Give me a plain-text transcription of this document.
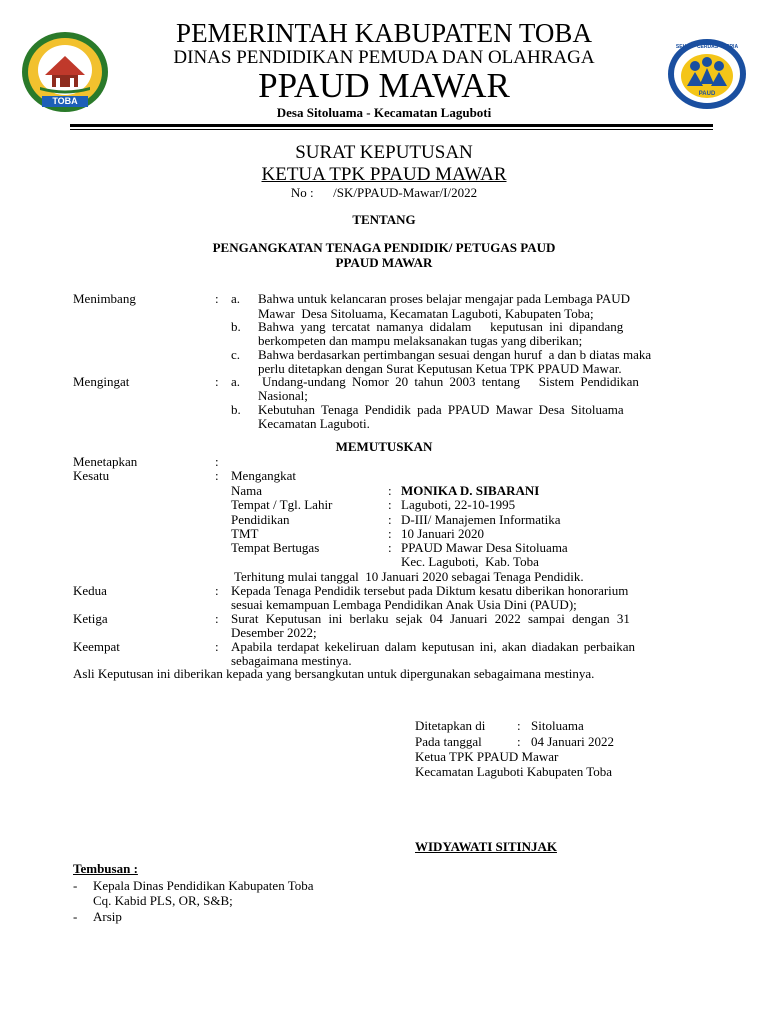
TOBA
SEHAT · CERDAS · CERIA
PAUD
PEMERINTAH KABUPATEN TOBA
DINAS PENDIDIKAN PEMUDA DAN OLAHRAGA
PPAUD MAWAR
Desa Sitoluama - Kecamatan Laguboti
SURAT KEPUTUSAN
KETUA TPK PPAUD MAWAR
No :      /SK/PPAUD-Mawar/I/2022
TENTANG
PENGANGKATAN TENAGA PENDIDIK/ PETUGAS PAUD
PPAUD MAWAR
Menimbang	: a. Bahwa untuk kelancaran proses belajar mengajar pada Lembaga PAUD
Mawar  Desa Sitoluama, Kecamatan Laguboti, Kabupaten Toba;
b. Bahwa yang tercatat namanya didalam   keputusan ini dipandang
berkompeten dan mampu melaksanakan tugas yang diberikan;
c. Bahwa berdasarkan pertimbangan sesuai dengan huruf  a dan b diatas maka
perlu ditetapkan dengan Surat Keputusan Ketua TPK PPAUD Mawar.
Mengingat	: a. Undang-undang Nomor 20 tahun 2003 tentang   Sistem Pendidikan
Nasional;
b. Kebutuhan Tenaga Pendidik pada PPAUD Mawar Desa Sitoluama
Kecamatan Laguboti.
MEMUTUSKAN
Menetapkan	:
Kesatu	: Mengangkat
Nama	: MONIKA D. SIBARANI
Tempat / Tgl. Lahir	: Laguboti, 22-10-1995
Pendidikan	: D-III/ Manajemen Informatika
TMT	: 10 Januari 2020
Tempat Bertugas	: PPAUD Mawar Desa Sitoluama
Kec. Laguboti,  Kab. Toba
Terhitung mulai tanggal  10 Januari 2020 sebagai Tenaga Pendidik.
Kedua	: Kepada Tenaga Pendidik tersebut pada Diktum kesatu diberikan honorarium
sesuai kemampuan Lembaga Pendidikan Anak Usia Dini (PAUD);
Ketiga	: Surat Keputusan ini berlaku sejak 04 Januari 2022 sampai dengan 31
Desember 2022;
Keempat	: Apabila terdapat kekeliruan dalam keputusan ini, akan diadakan perbaikan
sebagaimana mestinya.
Asli Keputusan ini diberikan kepada yang bersangkutan untuk dipergunakan sebagaimana mestinya.
Ditetapkan di : Sitoluama
Pada tanggal	: 04 Januari 2022
Ketua TPK PPAUD Mawar
Kecamatan Laguboti Kabupaten Toba
WIDYAWATI SITINJAK
Tembusan :
- Kepala Dinas Pendidikan Kabupaten Toba
Cq. Kabid PLS, OR, S&B;
- Arsip
